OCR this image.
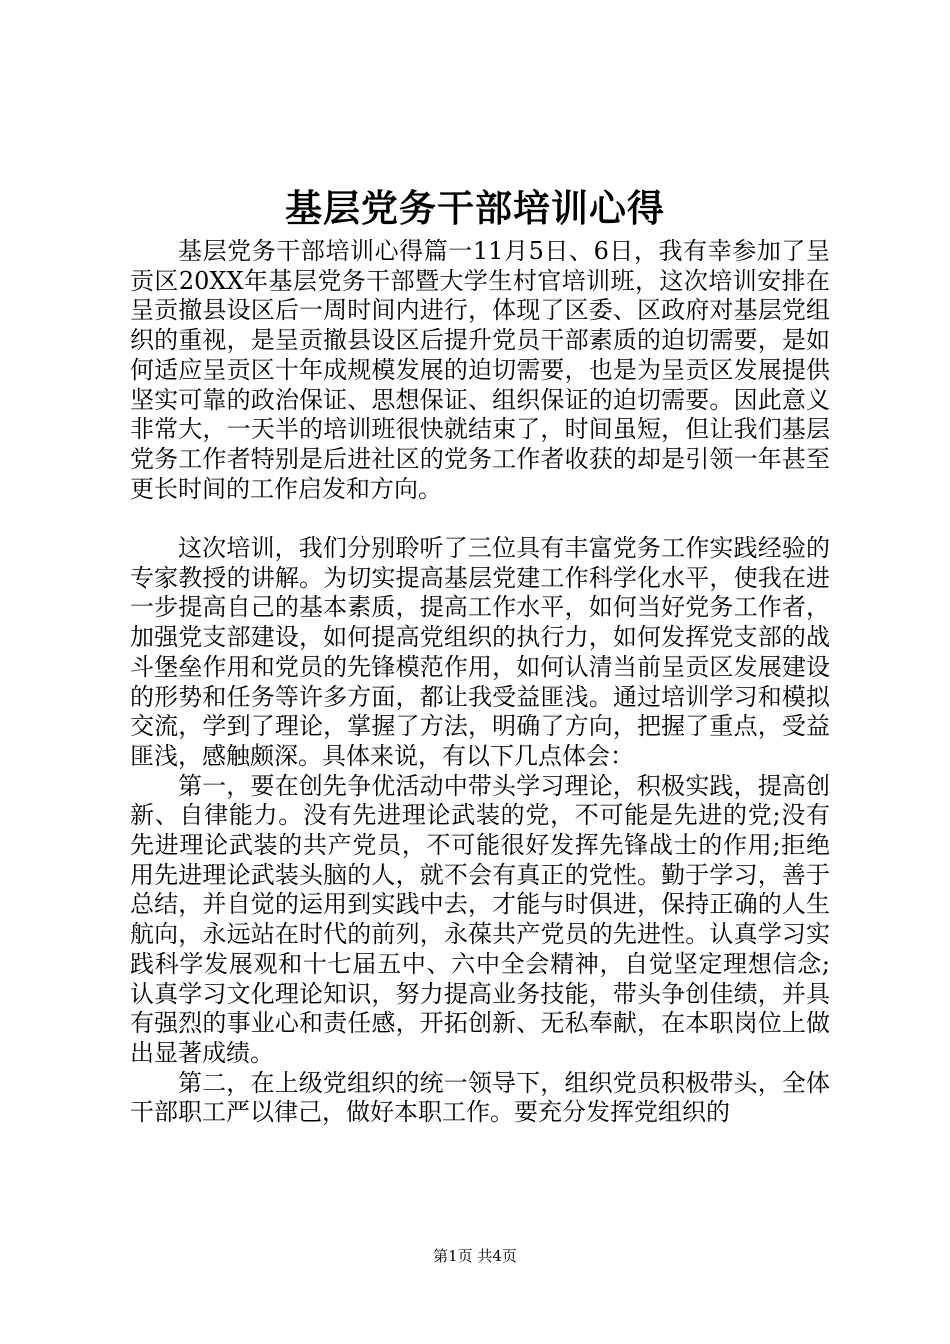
基层党务干部培训心得

基层党务干部培训心得篇一11月5日、6日，我有幸参加了呈贡区20XX年基层党务干部暨大学生村官培训班，这次培训安排在呈贡撤县设区后一周时间内进行，体现了区委、区政府对基层党组织的重视，是呈贡撤县设区后提升党员干部素质的迫切需要，是如何适应呈贡区十年成规模发展的迫切需要，也是为呈贡区发展提供坚实可靠的政治保证、思想保证、组织保证的迫切需要。因此意义非常大，一天半的培训班很快就结束了，时间虽短，但让我们基层党务工作者特别是后进社区的党务工作者收获的却是引领一年甚至更长时间的工作启发和方向。

这次培训，我们分别聆听了三位具有丰富党务工作实践经验的专家教授的讲解。为切实提高基层党建工作科学化水平，使我在进一步提高自己的基本素质，提高工作水平，如何当好党务工作者，加强党支部建设，如何提高党组织的执行力，如何发挥党支部的战斗堡垒作用和党员的先锋模范作用，如何认清当前呈贡区发展建设的形势和任务等许多方面，都让我受益匪浅。通过培训学习和模拟交流，学到了理论，掌握了方法，明确了方向，把握了重点，受益匪浅，感触颇深。具体来说，有以下几点体会：

第一，要在创先争优活动中带头学习理论，积极实践，提高创新、自律能力。没有先进理论武装的党，不可能是先进的党;没有先进理论武装的共产党员，不可能很好发挥先锋战士的作用;拒绝用先进理论武装头脑的人，就不会有真正的党性。勤于学习，善于总结，并自觉的运用到实践中去，才能与时俱进，保持正确的人生航向，永远站在时代的前列，永葆共产党员的先进性。认真学习实践科学发展观和十七届五中、六中全会精神，自觉坚定理想信念;认真学习文化理论知识，努力提高业务技能，带头争创佳绩，并具有强烈的事业心和责任感，开拓创新、无私奉献，在本职岗位上做出显著成绩。

第二，在上级党组织的统一领导下，组织党员积极带头，全体干部职工严以律己，做好本职工作。要充分发挥党组织的

第1页 共4页
